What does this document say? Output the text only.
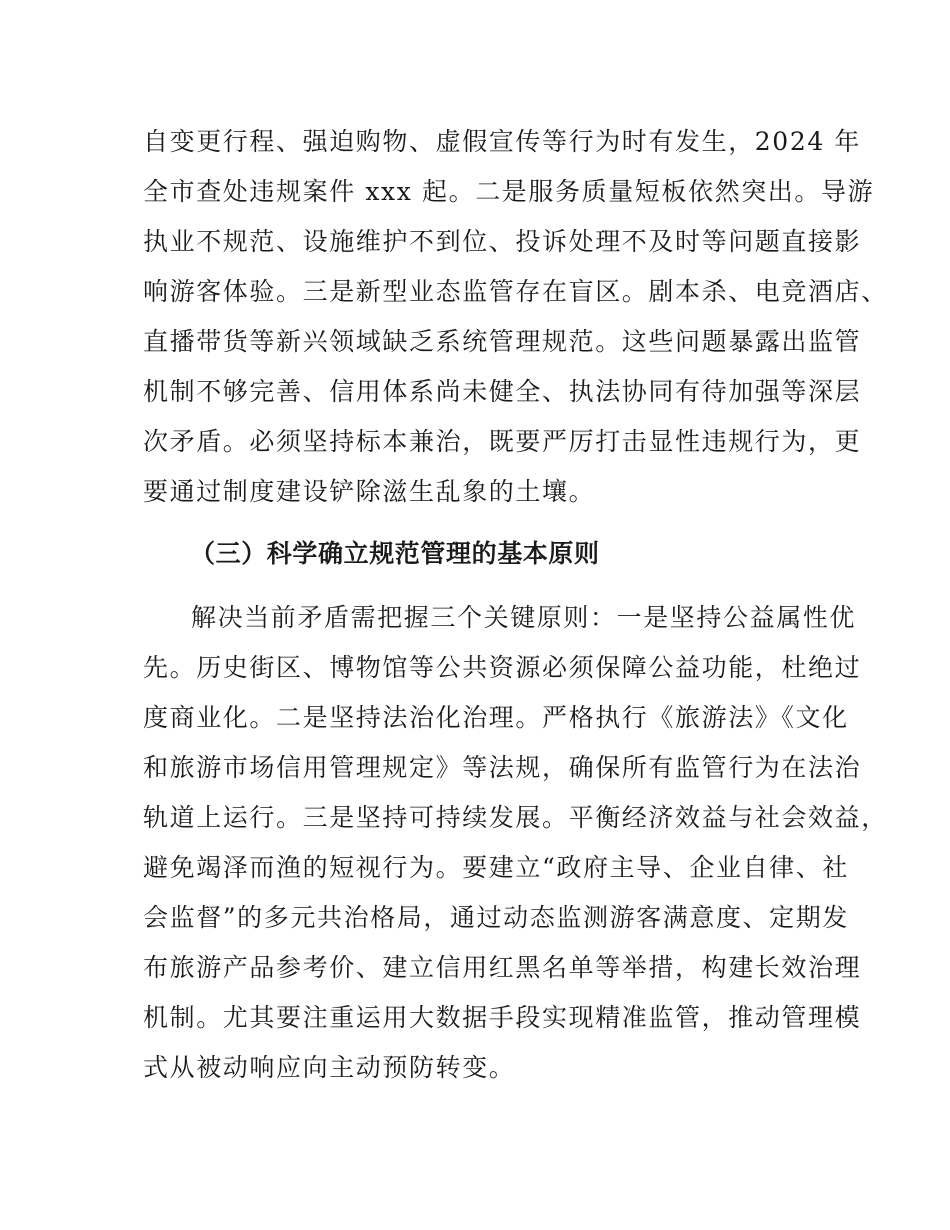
自变更行程、强迫购物、虚假宣传等行为时有发生，2024 年
全市查处违规案件 xxx 起。二是服务质量短板依然突出。导游
执业不规范、设施维护不到位、投诉处理不及时等问题直接影
响游客体验。三是新型业态监管存在盲区。剧本杀、电竞酒店、
直播带货等新兴领域缺乏系统管理规范。这些问题暴露出监管
机制不够完善、信用体系尚未健全、执法协同有待加强等深层
次矛盾。必须坚持标本兼治，既要严厉打击显性违规行为，更
要通过制度建设铲除滋生乱象的土壤。
（三）科学确立规范管理的基本原则
解决当前矛盾需把握三个关键原则：一是坚持公益属性优
先。历史街区、博物馆等公共资源必须保障公益功能，杜绝过
度商业化。二是坚持法治化治理。严格执行《旅游法》《文化
和旅游市场信用管理规定》等法规，确保所有监管行为在法治
轨道上运行。三是坚持可持续发展。平衡经济效益与社会效益，
避免竭泽而渔的短视行为。要建立“政府主导、企业自律、社
会监督”的多元共治格局，通过动态监测游客满意度、定期发
布旅游产品参考价、建立信用红黑名单等举措，构建长效治理
机制。尤其要注重运用大数据手段实现精准监管，推动管理模
式从被动响应向主动预防转变。
